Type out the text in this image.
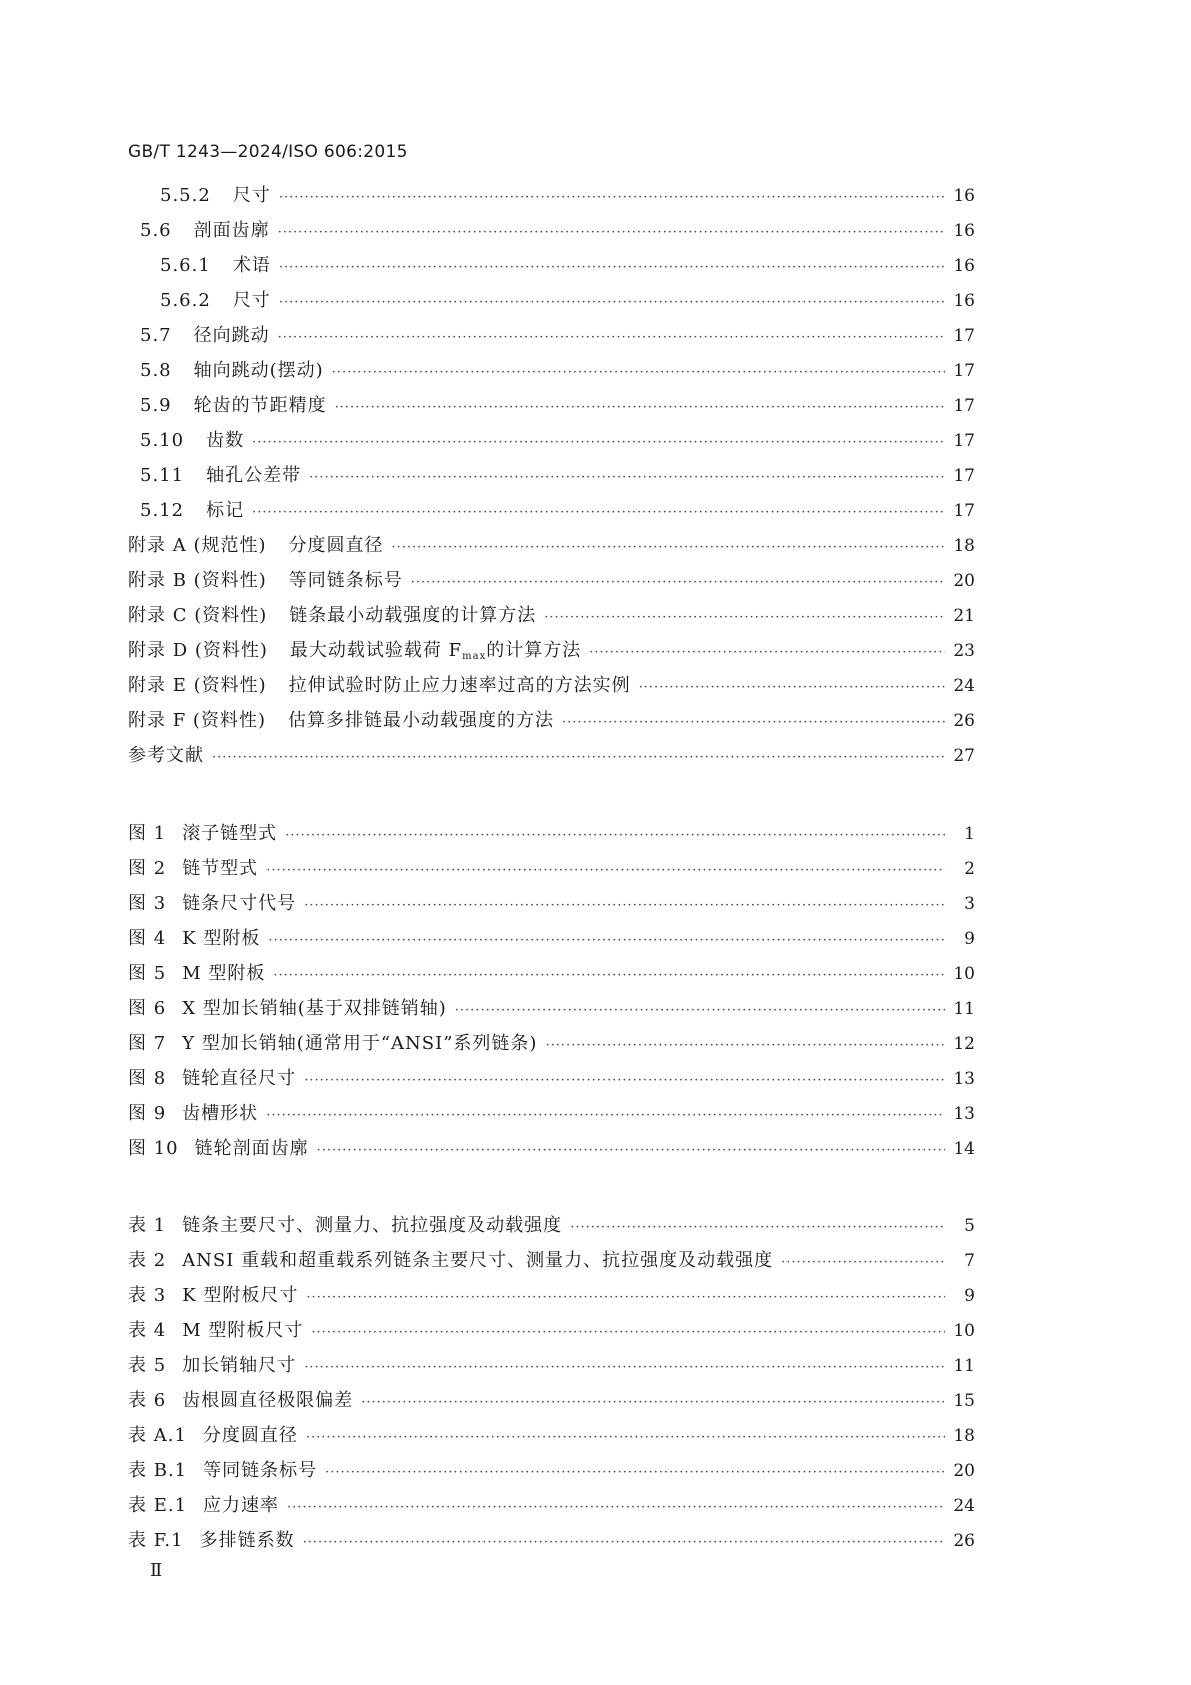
GB/T 1243—2024/ISO 606:2015
5.5.2 尺寸 ·····	16
5.6 剖面齿廓 ·····	16
5.6.1 术语 ·····	16
5.6.2 尺寸 ·····	16
5.7 径向跳动 ·····	17
5.8 轴向跳动(摆动) ·····	17
5.9 轮齿的节距精度 ·····	17
5.10 齿数 ·····	17
5.11 轴孔公差带 ·····	17
5.12 标记 ·····	17
附录 A (规范性) 分度圆直径 ·····	18
附录 B (资料性) 等同链条标号 ·····	20
附录 C (资料性) 链条最小动载强度的计算方法 ·····	21
附录 D (资料性) 最大动载试验载荷 $F_{max}$的计算方法 ·····	23
附录 E (资料性) 拉伸试验时防止应力速率过高的方法实例 ·····	24
附录 F (资料性) 估算多排链最小动载强度的方法 ·····	26
参考文献 ·····	27
图 1 滚子链型式 ·····	1
图 2 链节型式 ·····	2
图 3 链条尺寸代号 ·····	3
图 4 K 型附板 ·····	9
图 5 M 型附板 ·····	10
图 6 X 型加长销轴(基于双排链销轴) ·····	11
图 7 Y 型加长销轴(通常用于“ANSI”系列链条) ·····	12
图 8 链轮直径尺寸 ·····	13
图 9 齿槽形状 ·····	13
图 10 链轮剖面齿廓 ·····	14
表 1 链条主要尺寸、测量力、抗拉强度及动载强度 ·····	5
表 2 ANSI 重载和超重载系列链条主要尺寸、测量力、抗拉强度及动载强度 ·····	7
表 3 K 型附板尺寸 ·····	9
表 4 M 型附板尺寸 ·····	10
表 5 加长销轴尺寸 ·····	11
表 6 齿根圆直径极限偏差 ·····	15
表 A.1 分度圆直径 ·····	18
表 B.1 等同链条标号 ·····	20
表 E.1 应力速率 ·····	24
表 F.1 多排链系数 ·····	26
Ⅱ
